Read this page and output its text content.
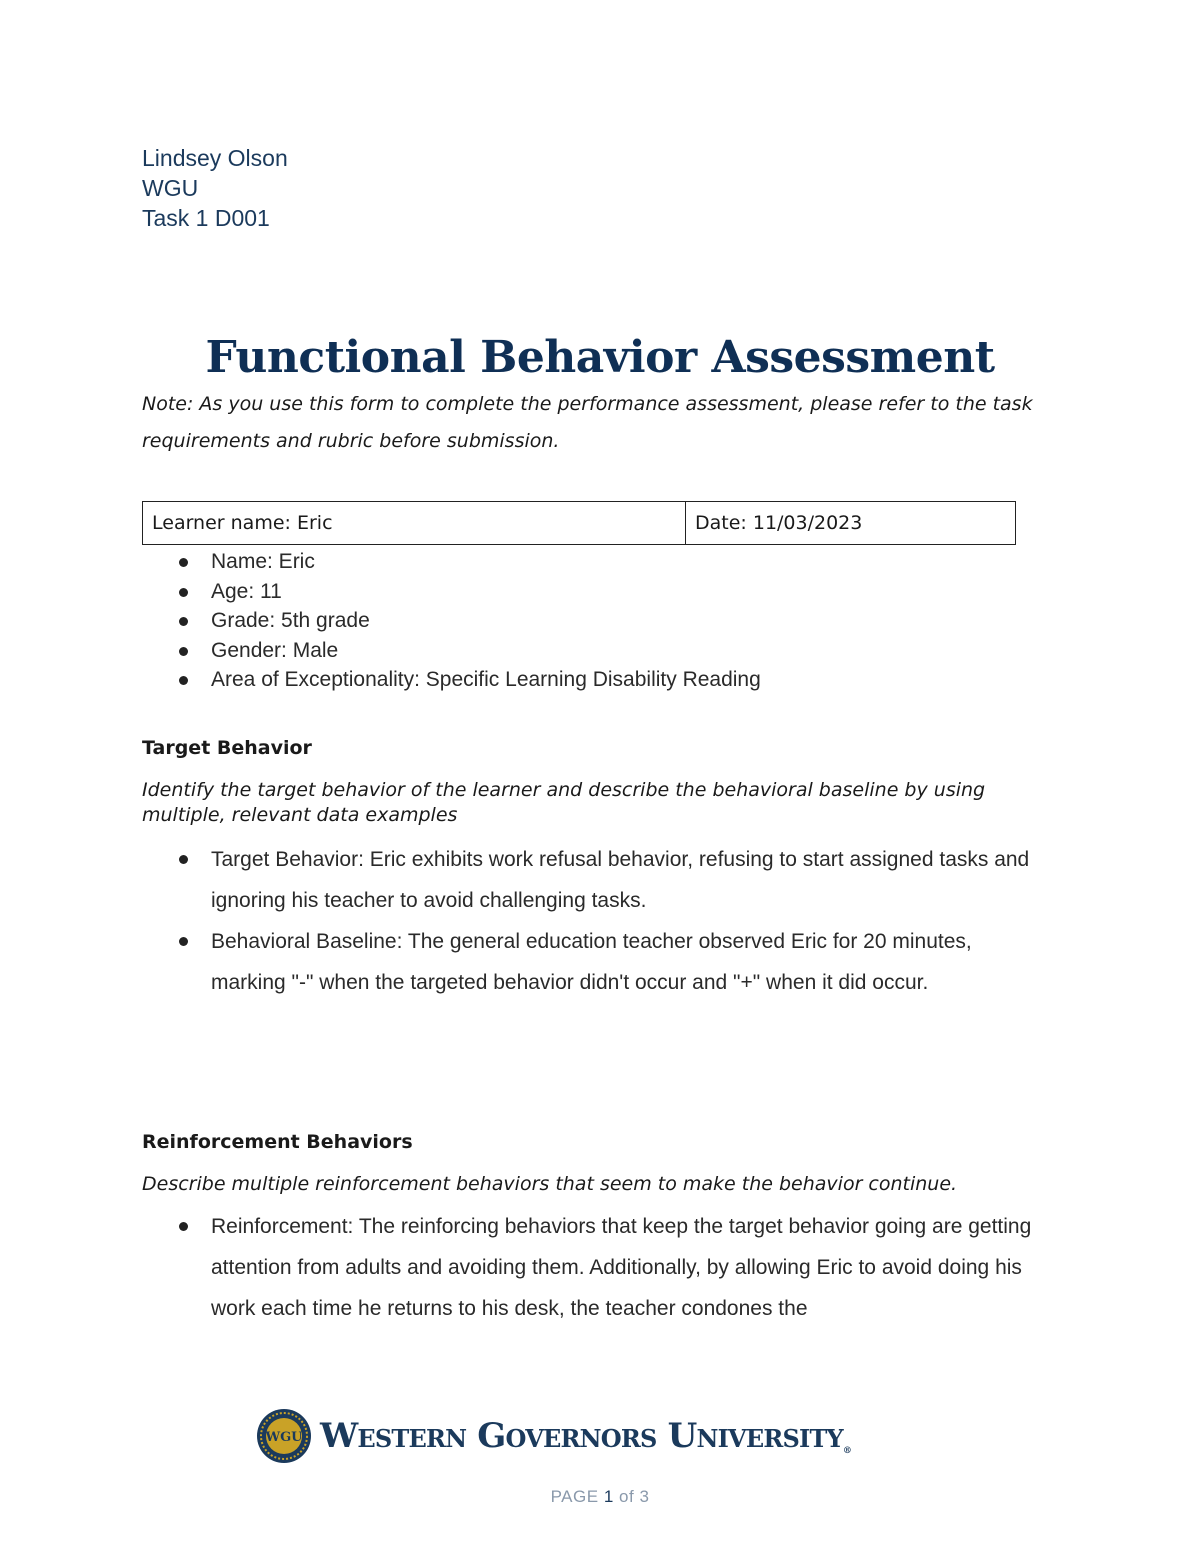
Lindsey Olson
WGU
Task 1 D001
Functional Behavior Assessment
Note: As you use this form to complete the performance assessment, please refer to the task requirements and rubric before submission.
Learner name: Eric	Date: 11/03/2023
Name: Eric
Age: 11
Grade: 5th grade
Gender: Male
Area of Exceptionality: Specific Learning Disability Reading
Target Behavior
Identify the target behavior of the learner and describe the behavioral baseline by using multiple, relevant data examples
Target Behavior: Eric exhibits work refusal behavior, refusing to start assigned tasks and ignoring his teacher to avoid challenging tasks.
Behavioral Baseline: The general education teacher observed Eric for 20 minutes, marking "-" when the targeted behavior didn't occur and "+" when it did occur.
Reinforcement Behaviors
Describe multiple reinforcement behaviors that seem to make the behavior continue.
Reinforcement: The reinforcing behaviors that keep the target behavior going are getting attention from adults and avoiding them. Additionally, by allowing Eric to avoid doing his work each time he returns to his desk, the teacher condones the
WGU Western Governors University®
PAGE 1 of 3
